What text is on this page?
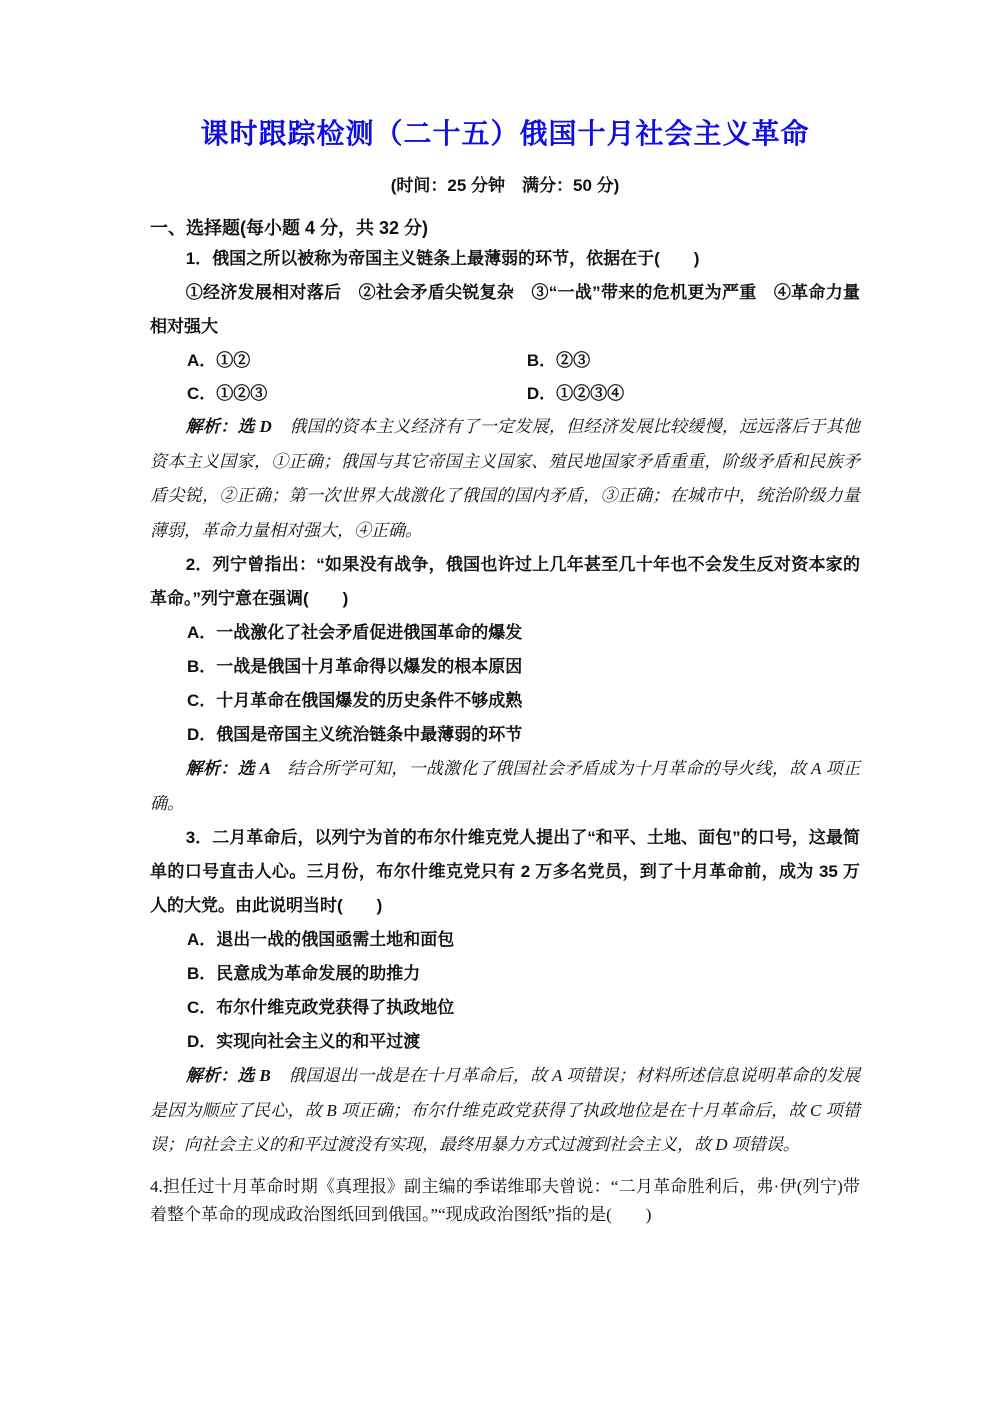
课时跟踪检测（二十五）俄国十月社会主义革命

(时间：25 分钟　满分：50 分)

一、选择题(每小题 4 分，共 32 分)

1．俄国之所以被称为帝国主义链条上最薄弱的环节，依据在于(　　)

①经济发展相对落后　②社会矛盾尖锐复杂　③“一战”带来的危机更为严重　④革命力量相对强大

A．①②	B．②③
C．①②③	D．①②③④

解析：选 D　俄国的资本主义经济有了一定发展，但经济发展比较缓慢，远远落后于其他资本主义国家，①正确；俄国与其它帝国主义国家、殖民地国家矛盾重重，阶级矛盾和民族矛盾尖锐，②正确；第一次世界大战激化了俄国的国内矛盾，③正确；在城市中，统治阶级力量薄弱，革命力量相对强大，④正确。

2．列宁曾指出：“如果没有战争，俄国也许过上几年甚至几十年也不会发生反对资本家的革命。”列宁意在强调(　　)

A．一战激化了社会矛盾促进俄国革命的爆发
B．一战是俄国十月革命得以爆发的根本原因
C．十月革命在俄国爆发的历史条件不够成熟
D．俄国是帝国主义统治链条中最薄弱的环节

解析：选 A　结合所学可知，一战激化了俄国社会矛盾成为十月革命的导火线，故 A 项正确。

3．二月革命后，以列宁为首的布尔什维克党人提出了“和平、土地、面包”的口号，这最简单的口号直击人心。三月份，布尔什维克党只有 2 万多名党员，到了十月革命前，成为 35 万人的大党。由此说明当时(　　)

A．退出一战的俄国亟需土地和面包
B．民意成为革命发展的助推力
C．布尔什维克政党获得了执政地位
D．实现向社会主义的和平过渡

解析：选 B　俄国退出一战是在十月革命后，故 A 项错误；材料所述信息说明革命的发展是因为顺应了民心，故 B 项正确；布尔什维克政党获得了执政地位是在十月革命后，故 C 项错误；向社会主义的和平过渡没有实现，最终用暴力方式过渡到社会主义，故 D 项错误。

4.担任过十月革命时期《真理报》副主编的季诺维耶夫曾说：“二月革命胜利后，弗·伊(列宁)带着整个革命的现成政治图纸回到俄国。”“现成政治图纸”指的是(　　)
